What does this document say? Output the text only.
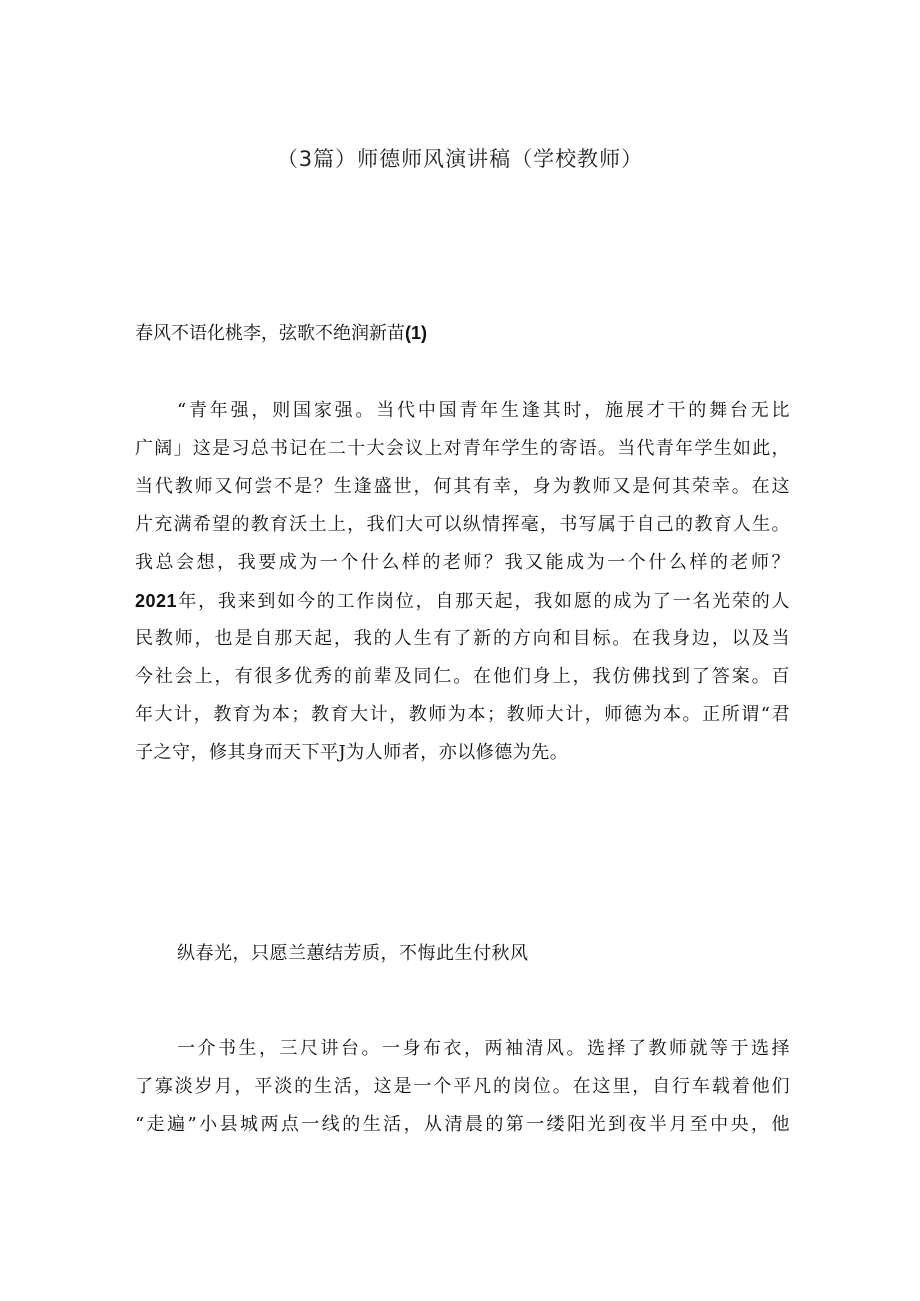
（3篇）师德师风演讲稿（学校教师）
春风不语化桃李，弦歌不绝润新苗(1)
“青年强，则国家强。当代中国青年生逢其时，施展才干的舞台无比
广阔」这是习总书记在二十大会议上对青年学生的寄语。当代青年学生如此，
当代教师又何尝不是？生逢盛世，何其有幸，身为教师又是何其荣幸。在这
片充满希望的教育沃土上，我们大可以纵情挥毫，书写属于自己的教育人生。
我总会想，我要成为一个什么样的老师？我又能成为一个什么样的老师？
2021年，我来到如今的工作岗位，自那天起，我如愿的成为了一名光荣的人
民教师，也是自那天起，我的人生有了新的方向和目标。在我身边，以及当
今社会上，有很多优秀的前辈及同仁。在他们身上，我仿佛找到了答案。百
年大计，教育为本；教育大计，教师为本；教师大计，师德为本。正所谓“君
子之守，修其身而天下平J为人师者，亦以修德为先。
纵春光，只愿兰蕙结芳质，不悔此生付秋风
一介书生，三尺讲台。一身布衣，两袖清风。选择了教师就等于选择
了寡淡岁月，平淡的生活，这是一个平凡的岗位。在这里，自行车载着他们
“走遍”小县城两点一线的生活，从清晨的第一缕阳光到夜半月至中央，他
